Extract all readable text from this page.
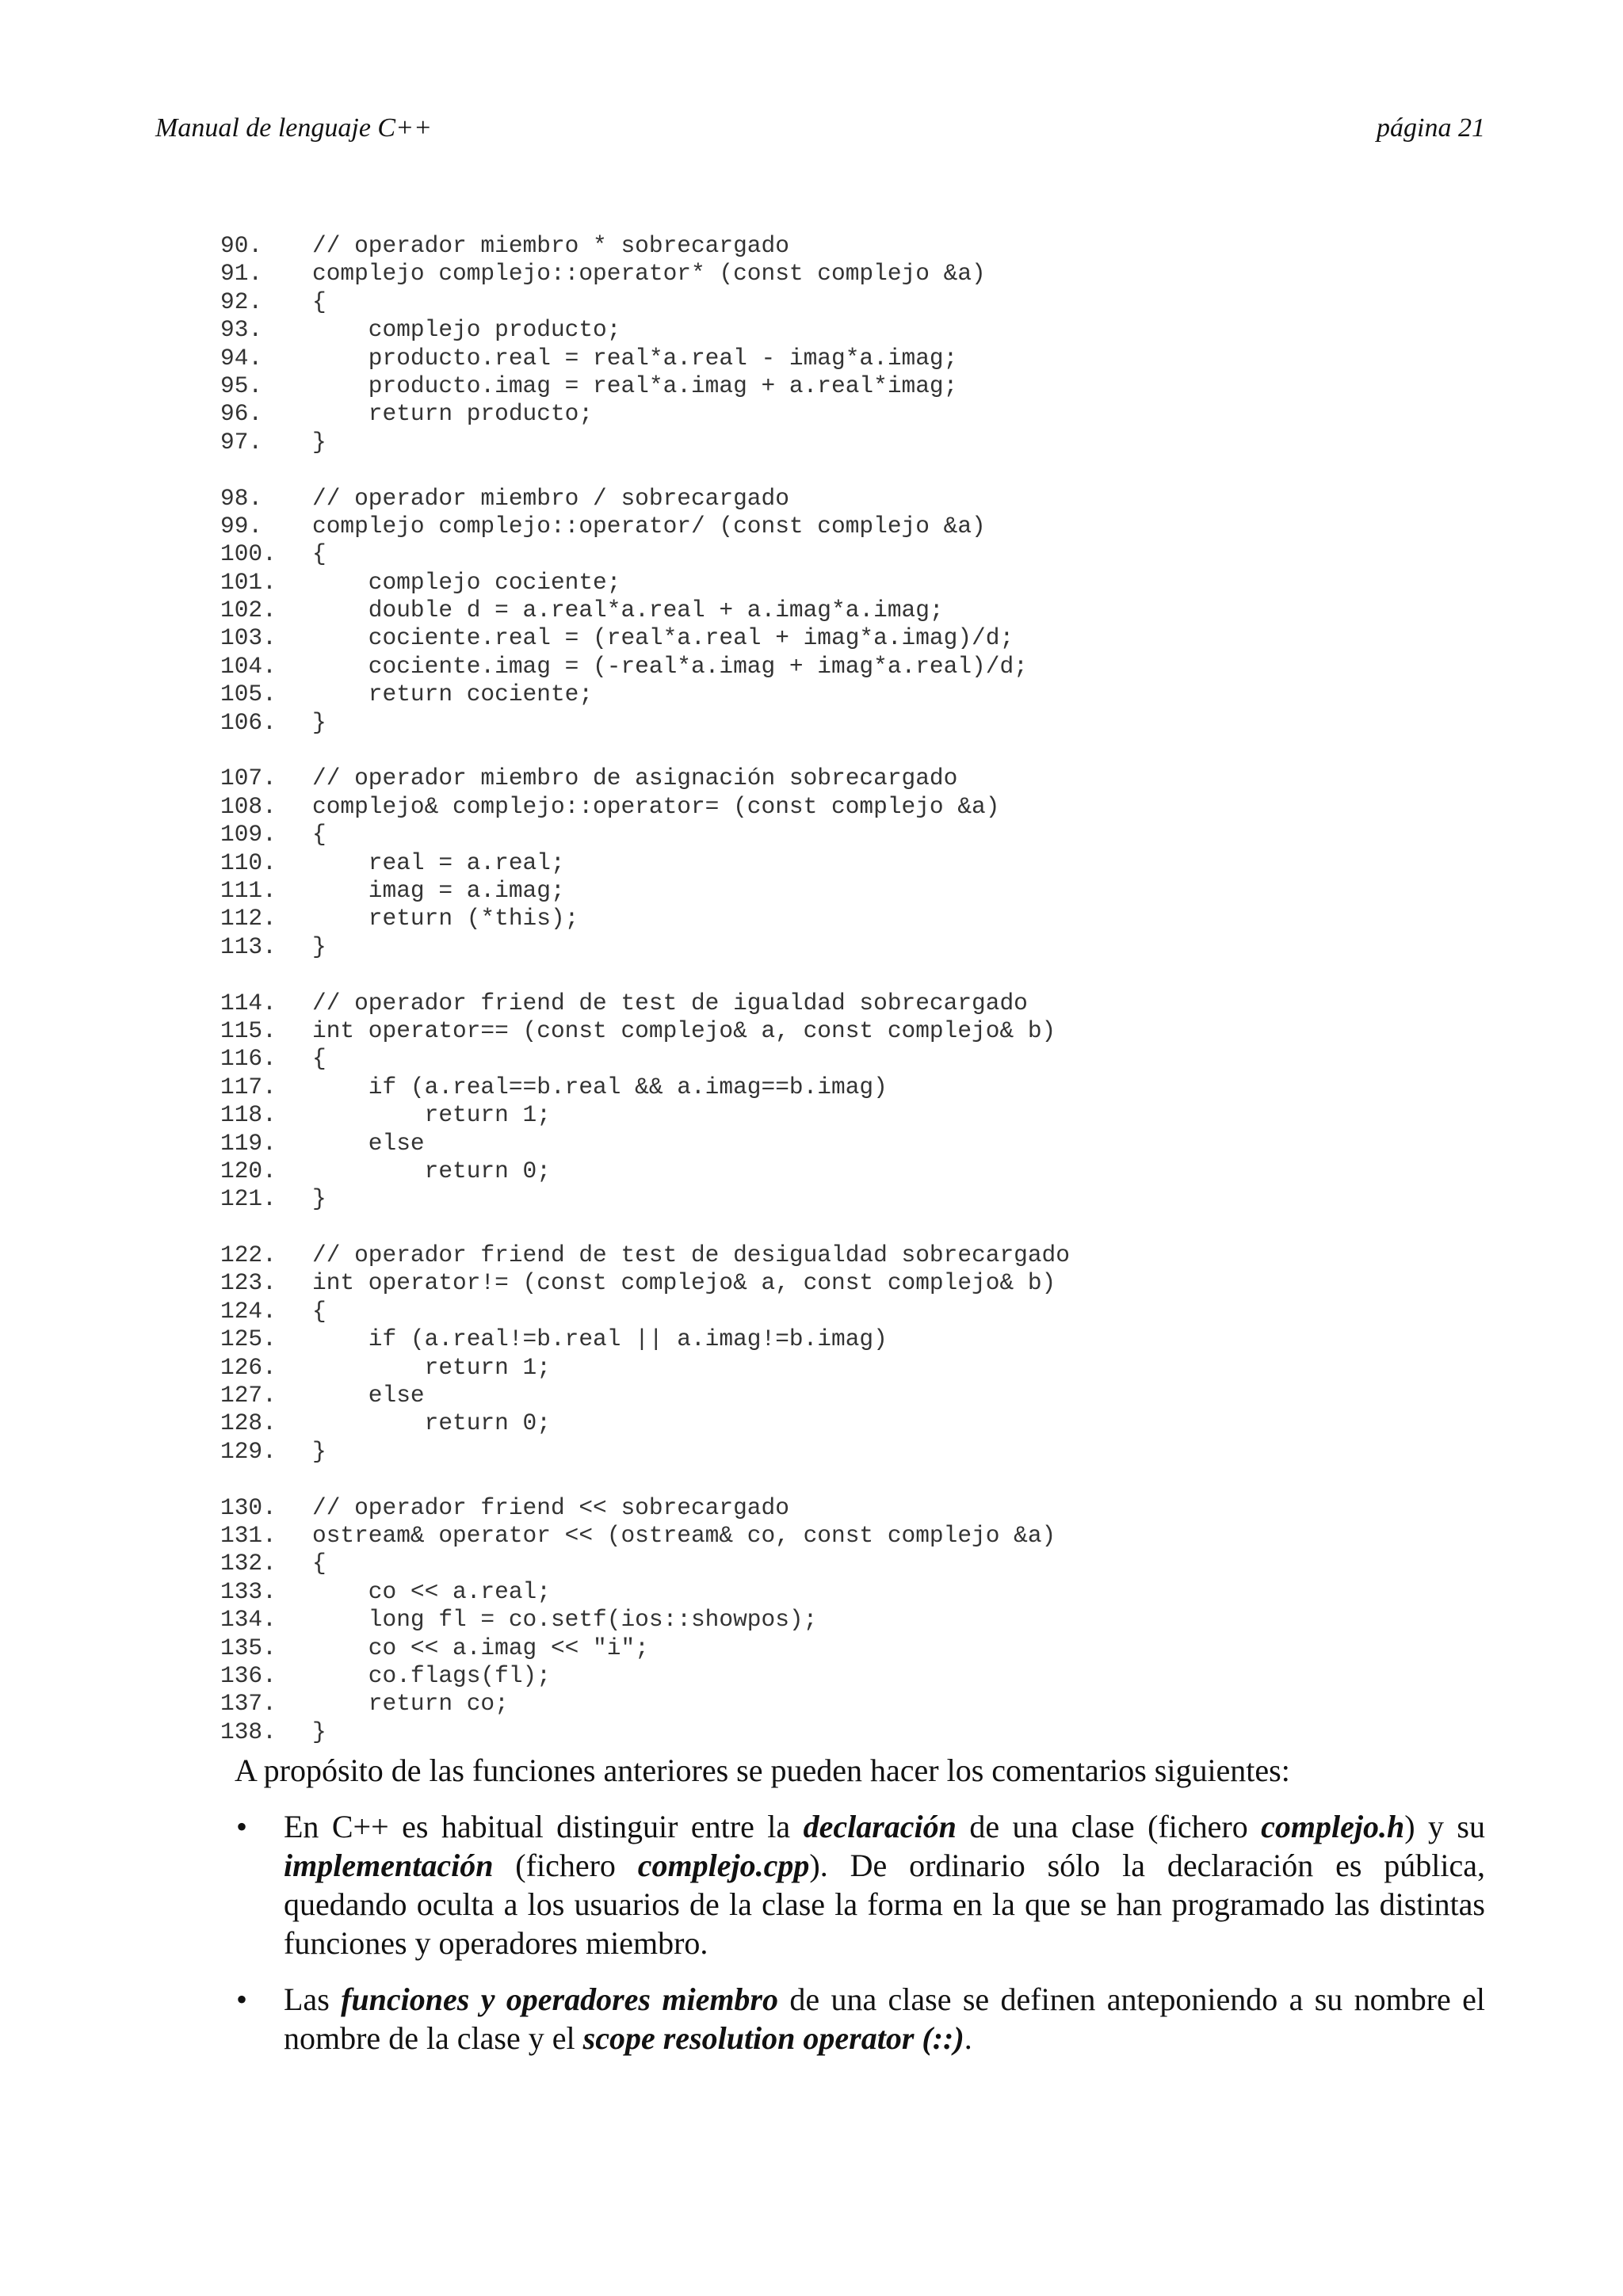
Manual de lenguaje C++	página 21
90. // operador miembro * sobrecargado
91. complejo complejo::operator* (const complejo &a)
92. {
93.    complejo producto;
94.    producto.real = real*a.real - imag*a.imag;
95.    producto.imag = real*a.imag + a.real*imag;
96.    return producto;
97. }
98. // operador miembro / sobrecargado
99. complejo complejo::operator/ (const complejo &a)
100. {
101.    complejo cociente;
102.    double d = a.real*a.real + a.imag*a.imag;
103.    cociente.real = (real*a.real + imag*a.imag)/d;
104.    cociente.imag = (-real*a.imag + imag*a.real)/d;
105.    return cociente;
106. }
107. // operador miembro de asignación sobrecargado
108. complejo& complejo::operator= (const complejo &a)
109. {
110.    real = a.real;
111.    imag = a.imag;
112.    return (*this);
113. }
114. // operador friend de test de igualdad sobrecargado
115. int operator== (const complejo& a, const complejo& b)
116. {
117.    if (a.real==b.real && a.imag==b.imag)
118.        return 1;
119.    else
120.        return 0;
121. }
122. // operador friend de test de desigualdad sobrecargado
123. int operator!= (const complejo& a, const complejo& b)
124. {
125.    if (a.real!=b.real || a.imag!=b.imag)
126.        return 1;
127.    else
128.        return 0;
129. }
130. // operador friend << sobrecargado
131. ostream& operator << (ostream& co, const complejo &a)
132. {
133.    co << a.real;
134.    long fl = co.setf(ios::showpos);
135.    co << a.imag << "i";
136.    co.flags(fl);
137.    return co;
138. }

A propósito de las funciones anteriores se pueden hacer los comentarios siguientes:

• En C++ es habitual distinguir entre la declaración de una clase (fichero complejo.h) y su implementación (fichero complejo.cpp). De ordinario sólo la declaración es pública, quedando oculta a los usuarios de la clase la forma en la que se han programado las distintas funciones y operadores miembro.
• Las funciones y operadores miembro de una clase se definen anteponiendo a su nombre el nombre de la clase y el scope resolution operator (::).
